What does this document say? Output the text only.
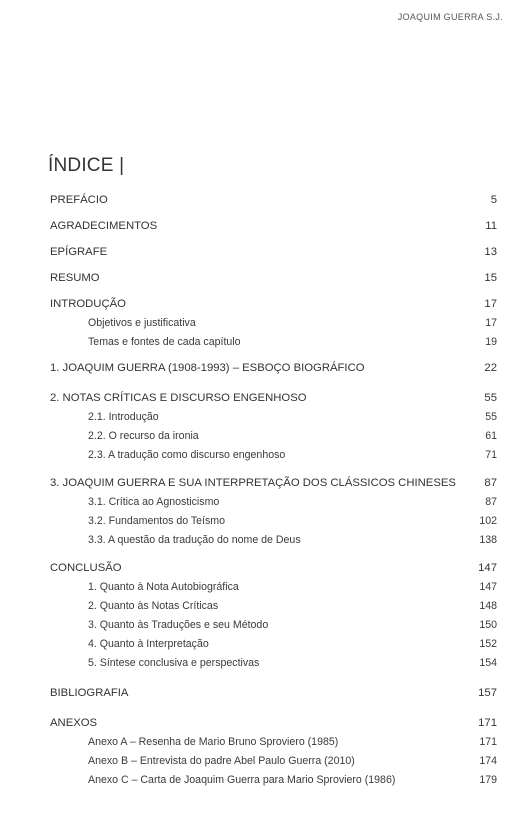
JOAQUIM GUERRA S.J.
ÍNDICE |
PREFÁCIO	5
AGRADECIMENTOS	11
EPÍGRAFE	13
RESUMO	15
INTRODUÇÃO	17
Objetivos e justificativa	17
Temas e fontes de cada capítulo	19
1. JOAQUIM GUERRA (1908-1993) – ESBOÇO BIOGRÁFICO	22
2. NOTAS CRÍTICAS E DISCURSO ENGENHOSO	55
2.1. Introdução	55
2.2. O recurso da ironia	61
2.3. A tradução como discurso engenhoso	71
3. JOAQUIM GUERRA E SUA INTERPRETAÇÃO DOS CLÁSSICOS CHINESES	87
3.1. Crítica ao Agnosticismo	87
3.2. Fundamentos do Teísmo	102
3.3. A questão da tradução do nome de Deus	138
CONCLUSÃO	147
1. Quanto à Nota Autobiográfica	147
2. Quanto às Notas Críticas	148
3. Quanto às Traduções e seu Método	150
4. Quanto à Interpretação	152
5. Síntese conclusiva e perspectivas	154
BIBLIOGRAFIA	157
ANEXOS	171
Anexo A – Resenha de Mario Bruno Sproviero (1985)	171
Anexo B – Entrevista do padre Abel Paulo Guerra (2010)	174
Anexo C – Carta de Joaquim Guerra para Mario Sproviero (1986)	179
